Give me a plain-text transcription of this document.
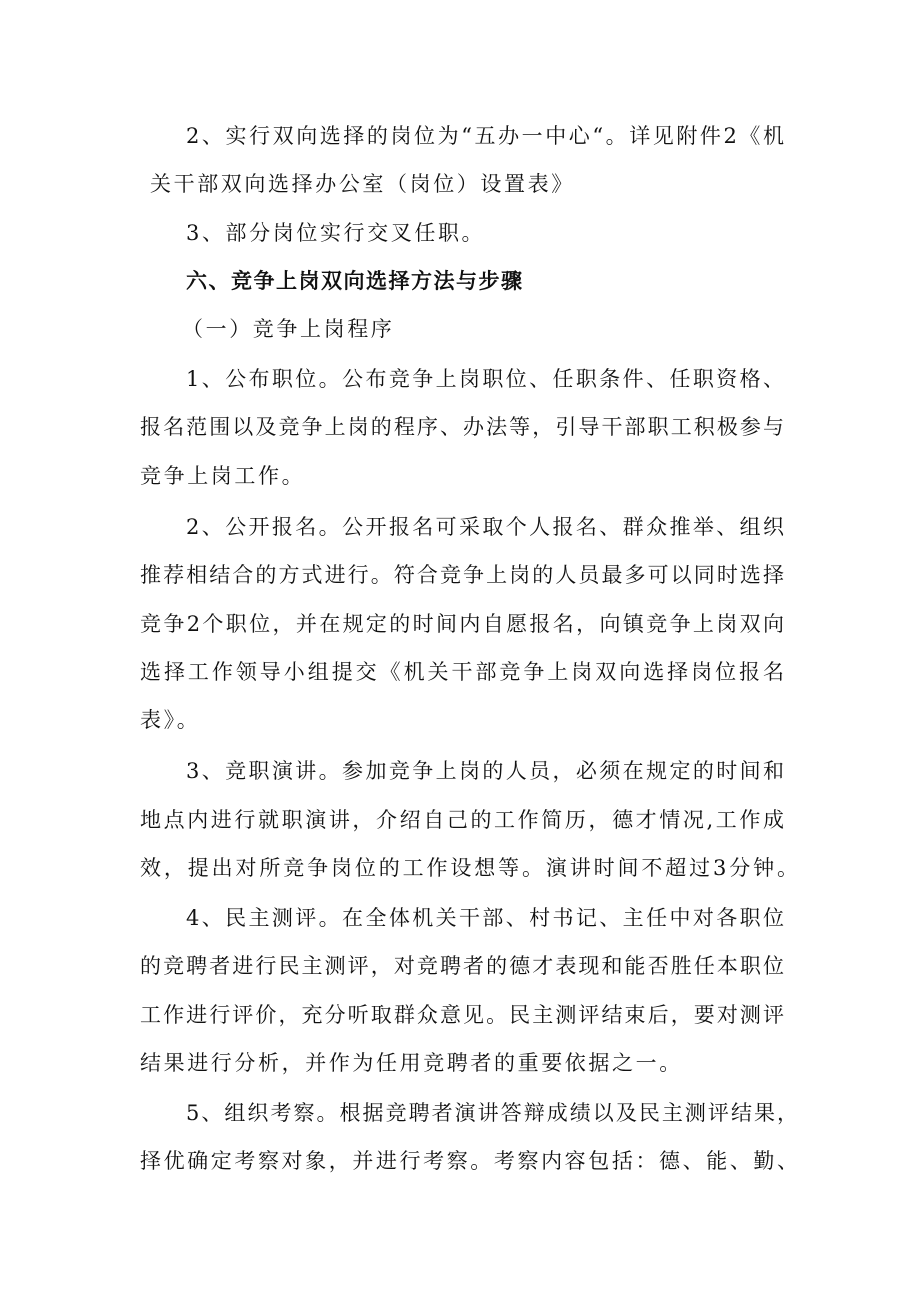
2、实行双向选择的岗位为“五办一中心“。详见附件2《机
关干部双向选择办公室（岗位）设置表》
3、部分岗位实行交叉任职。
六、竞争上岗双向选择方法与步骤
（一）竞争上岗程序
1、公布职位。公布竞争上岗职位、任职条件、任职资格、
报名范围以及竞争上岗的程序、办法等，引导干部职工积极参与
竞争上岗工作。
2、公开报名。公开报名可采取个人报名、群众推举、组织
推荐相结合的方式进行。符合竞争上岗的人员最多可以同时选择
竞争2个职位，并在规定的时间内自愿报名，向镇竞争上岗双向
选择工作领导小组提交《机关干部竞争上岗双向选择岗位报名
表》。
3、竞职演讲。参加竞争上岗的人员，必须在规定的时间和
地点内进行就职演讲，介绍自己的工作简历，德才情况,工作成
效，提出对所竞争岗位的工作设想等。演讲时间不超过3分钟。
4、民主测评。在全体机关干部、村书记、主任中对各职位
的竞聘者进行民主测评，对竞聘者的德才表现和能否胜任本职位
工作进行评价，充分听取群众意见。民主测评结束后，要对测评
结果进行分析，并作为任用竞聘者的重要依据之一。
5、组织考察。根据竞聘者演讲答辩成绩以及民主测评结果，
择优确定考察对象，并进行考察。考察内容包括：德、能、勤、
